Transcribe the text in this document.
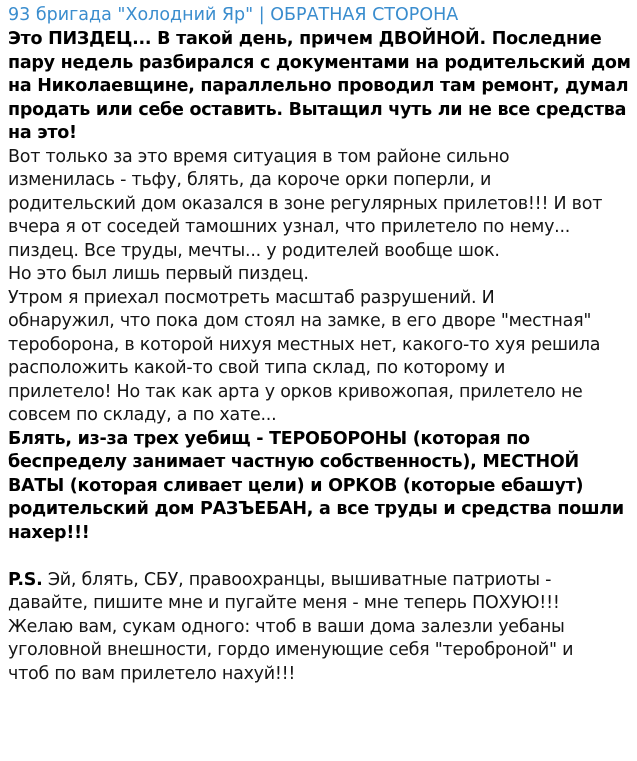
93 бригада "Холодний Яр" | ОБРАТНАЯ СТОРОНА
Это ПИЗДЕЦ... В такой день, причем ДВОЙНОЙ. Последние
пару недель разбирался с документами на родительский дом
на Николаевщине, параллельно проводил там ремонт, думал
продать или себе оставить. Вытащил чуть ли не все средства
на это!
Вот только за это время ситуация в том районе сильно
изменилась - тьфу, блять, да короче орки поперли, и
родительский дом оказался в зоне регулярных прилетов!!! И вот
вчера я от соседей тамошних узнал, что прилетело по нему...
пиздец. Все труды, мечты... у родителей вообще шок.
Но это был лишь первый пиздец.
Утром я приехал посмотреть масштаб разрушений. И
обнаружил, что пока дом стоял на замке, в его дворе "местная"
тероборона, в которой нихуя местных нет, какого-то хуя решила
расположить какой-то свой типа склад, по которому и
прилетело! Но так как арта у орков кривожопая, прилетело не
совсем по складу, а по хате...
Блять, из-за трех уебищ - ТЕРОБОРОНЫ (которая по
беспределу занимает частную собственность), МЕСТНОЙ
ВАТЫ (которая сливает цели) и ОРКОВ (которые ебашут)
родительский дом РАЗЪЕБАН, а все труды и средства пошли
нахер!!!
P.S. Эй, блять, СБУ, правоохранцы, вышиватные патриоты -
давайте, пишите мне и пугайте меня - мне теперь ПОХУЮ!!!
Желаю вам, сукам одного: чтоб в ваши дома залезли уебаны
уголовной внешности, гордо именующие себя "тероброной" и
чтоб по вам прилетело нахуй!!!
